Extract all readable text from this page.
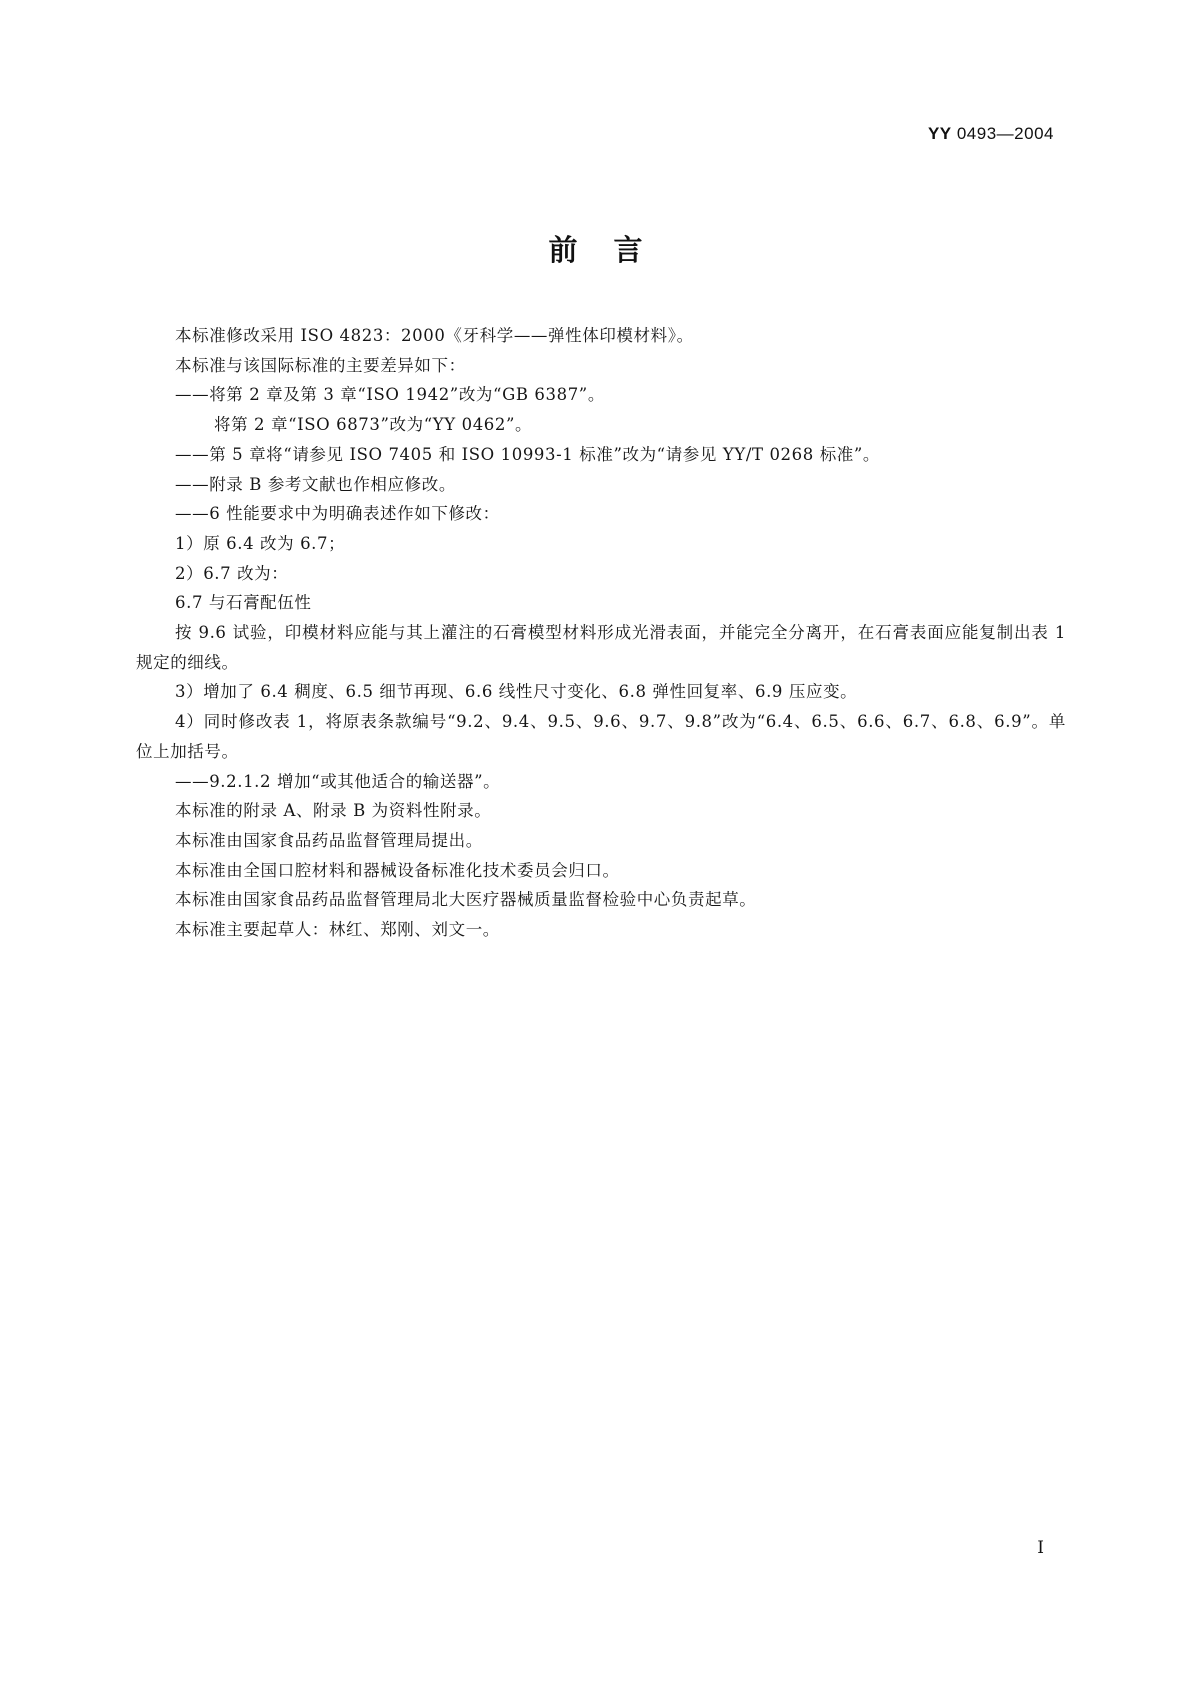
YY 0493—2004
前言

本标准修改采用 ISO 4823：2000《牙科学——弹性体印模材料》。

本标准与该国际标准的主要差异如下：

——将第 2 章及第 3 章“ISO 1942”改为“GB 6387”。

将第 2 章“ISO 6873”改为“YY 0462”。

——第 5 章将“请参见 ISO 7405 和 ISO 10993-1 标准”改为“请参见 YY/T 0268 标准”。

——附录 B 参考文献也作相应修改。

——6 性能要求中为明确表述作如下修改：

1）原 6.4 改为 6.7；

2）6.7 改为：

6.7 与石膏配伍性

按 9.6 试验，印模材料应能与其上灌注的石膏模型材料形成光滑表面，并能完全分离开，在石膏表面应能复制出表 1 规定的细线。

3）增加了 6.4 稠度、6.5 细节再现、6.6 线性尺寸变化、6.8 弹性回复率、6.9 压应变。

4）同时修改表 1，将原表条款编号“9.2、9.4、9.5、9.6、9.7、9.8”改为“6.4、6.5、6.6、6.7、6.8、6.9”。单位上加括号。

——9.2.1.2 增加“或其他适合的输送器”。

本标准的附录 A、附录 B 为资料性附录。

本标准由国家食品药品监督管理局提出。

本标准由全国口腔材料和器械设备标准化技术委员会归口。

本标准由国家食品药品监督管理局北大医疗器械质量监督检验中心负责起草。

本标准主要起草人：林红、郑刚、刘文一。

I
